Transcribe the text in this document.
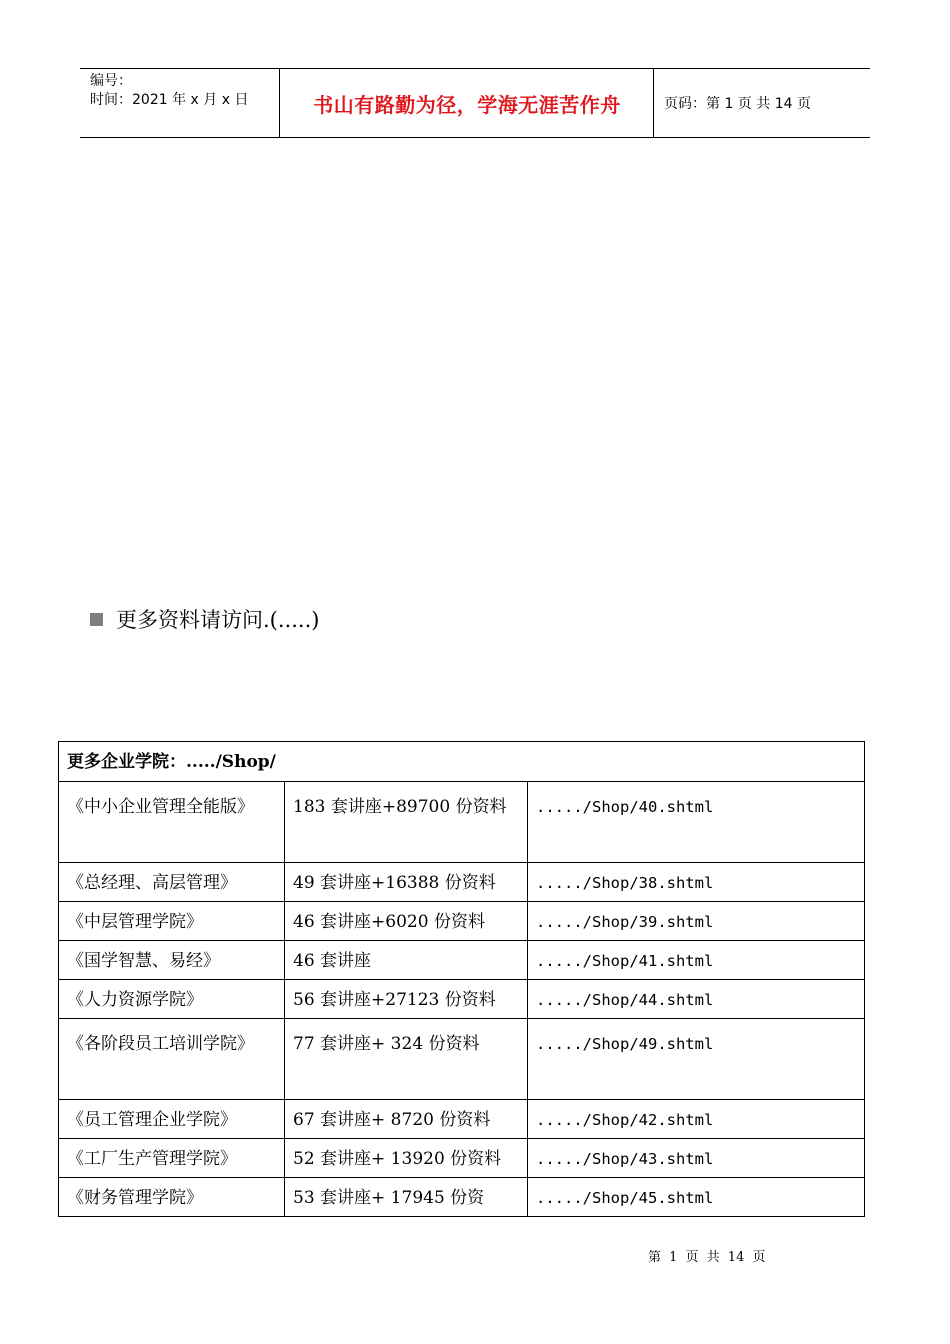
编号：
时间：2021 年 x 月 x 日	书山有路勤为径，学海无涯苦作舟	页码：第 1 页 共 14 页
更多资料请访问.(.....)
更多企业学院：...../Shop/		
《中小企业管理全能版》	183 套讲座+89700 份资料	...../Shop/40.shtml
《总经理、高层管理》	49 套讲座+16388 份资料	...../Shop/38.shtml
《中层管理学院》	46 套讲座+6020 份资料	...../Shop/39.shtml
《国学智慧、易经》	46 套讲座	...../Shop/41.shtml
《人力资源学院》	56 套讲座+27123 份资料	...../Shop/44.shtml
《各阶段员工培训学院》	77 套讲座+ 324 份资料	...../Shop/49.shtml
《员工管理企业学院》	67 套讲座+ 8720 份资料	...../Shop/42.shtml
《工厂生产管理学院》	52 套讲座+ 13920 份资料	...../Shop/43.shtml
《财务管理学院》	53 套讲座+ 17945 份资	...../Shop/45.shtml
第 1 页 共 14 页
